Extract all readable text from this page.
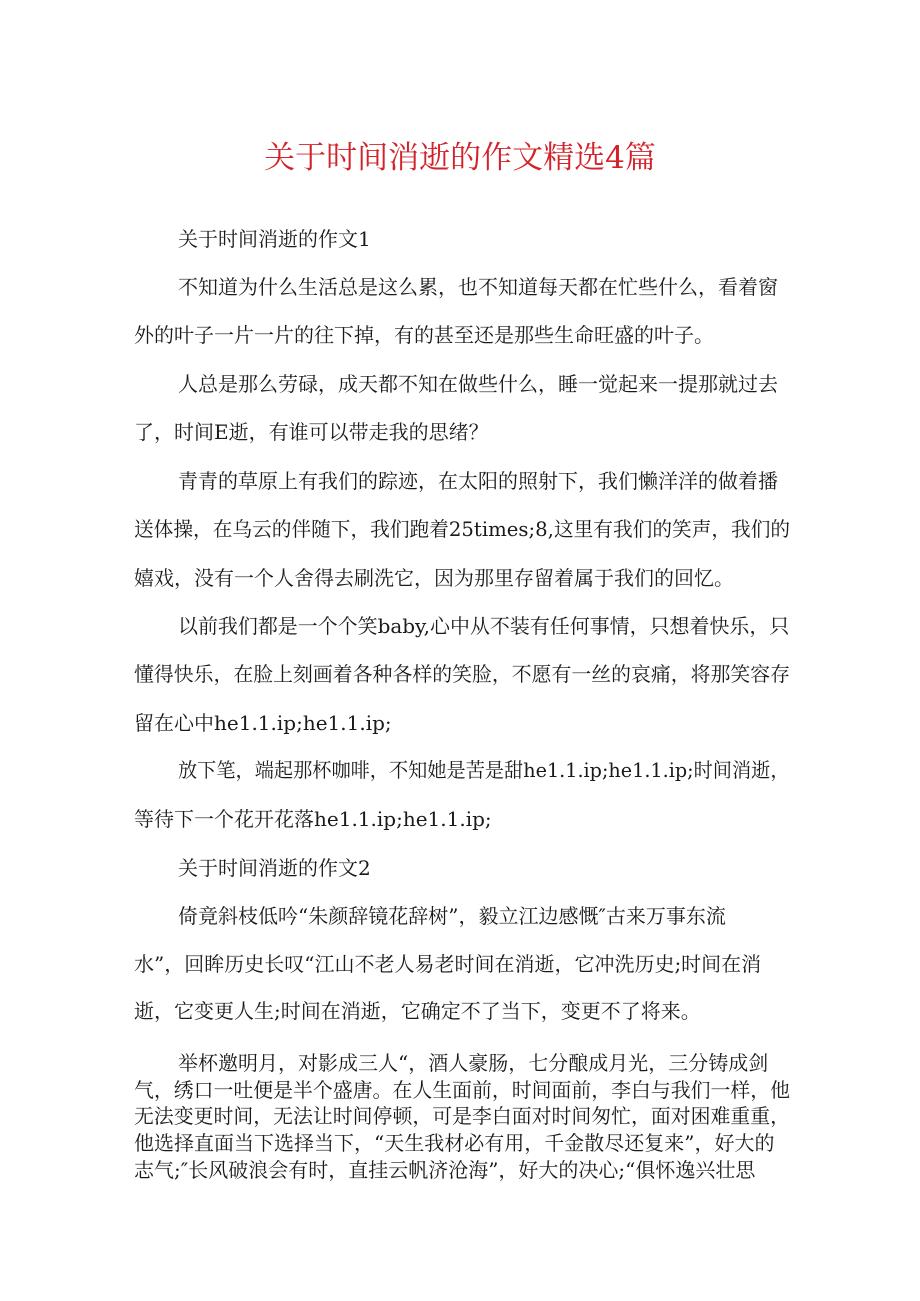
关于时间消逝的作文精选4篇
关于时间消逝的作文1
不知道为什么生活总是这么累，也不知道每天都在忙些什么，看着窗
外的叶子一片一片的往下掉，有的甚至还是那些生命旺盛的叶子。
人总是那么劳碌，成天都不知在做些什么，睡一觉起来一提那就过去
了，时间E逝，有谁可以带走我的思绪？
青青的草原上有我们的踪迹，在太阳的照射下，我们懒洋洋的做着播
送体操，在乌云的伴随下，我们跑着25times;8,这里有我们的笑声，我们的
嬉戏，没有一个人舍得去刷洗它，因为那里存留着属于我们的回忆。
以前我们都是一个个笑baby,心中从不装有任何事情，只想着快乐，只
懂得快乐，在脸上刻画着各种各样的笑脸，不愿有一丝的哀痛，将那笑容存
留在心中he1.1.ip;he1.1.ip;
放下笔，端起那杯咖啡，不知她是苦是甜he1.1.ip;he1.1.ip;时间消逝，
等待下一个花开花落he1.1.ip;he1.1.ip;
关于时间消逝的作文2
倚竟斜枝低吟“朱颜辞镜花辞树”，毅立江边感慨″古来万事东流
水”，回眸历史长叹“江山不老人易老时间在消逝，它冲洗历史;时间在消
逝，它变更人生;时间在消逝，它确定不了当下，变更不了将来。
举杯邀明月，对影成三人“，酒人豪肠，七分酿成月光，三分铸成剑
气，绣口一吐便是半个盛唐。在人生面前，时间面前，李白与我们一样，他
无法变更时间，无法让时间停顿，可是李白面对时间匆忙，面对困难重重，
他选择直面当下选择当下，“天生我材必有用，千金散尽还复来”，好大的
志气;″长风破浪会有时，直挂云帆济沧海”，好大的决心;“俱怀逸兴壮思
